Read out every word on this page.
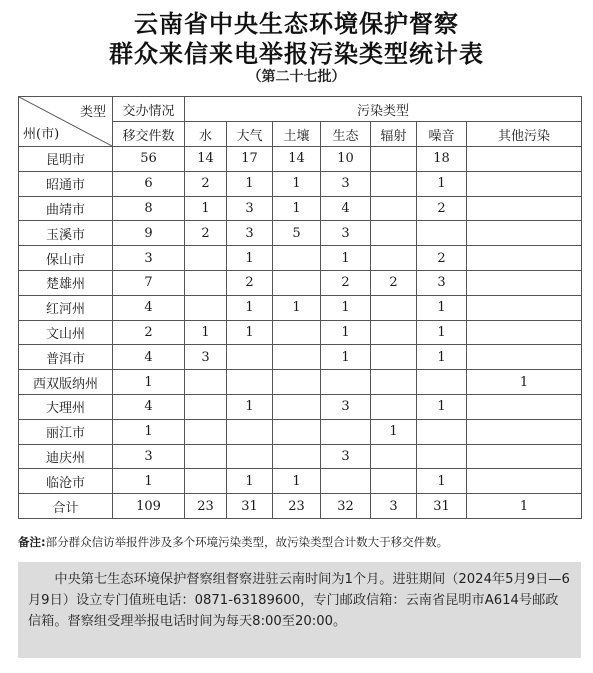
云南省中央生态环境保护督察
群众来信来电举报污染类型统计表
（第二十七批）
类型
州(市)	交办情况	污染类型						
	移交件数	水	大气	土壤	生态	辐射	噪音	其他污染
昆明市	56	14	17	14	10		18	
昭通市	6	2	1	1	3		1	
曲靖市	8	1	3	1	4		2	
玉溪市	9	2	3	5	3			
保山市	3		1		1		2	
楚雄州	7		2		2	2	3	
红河州	4		1	1	1		1	
文山州	2	1	1		1		1	
普洱市	4	3			1		1	
西双版纳州	1							1
大理州	4		1		3		1	
丽江市	1					1		
迪庆州	3				3			
临沧市	1		1	1			1	
合计	109	23	31	23	32	3	31	1
备注:部分群众信访举报件涉及多个环境污染类型，故污染类型合计数大于移交件数。

中央第七生态环境保护督察组督察进驻云南时间为1个月。进驻期间（2024年5月9日—6月9日）设立专门值班电话：0871-63189600，专门邮政信箱：云南省昆明市A614号邮政信箱。督察组受理举报电话时间为每天8:00至20:00。
